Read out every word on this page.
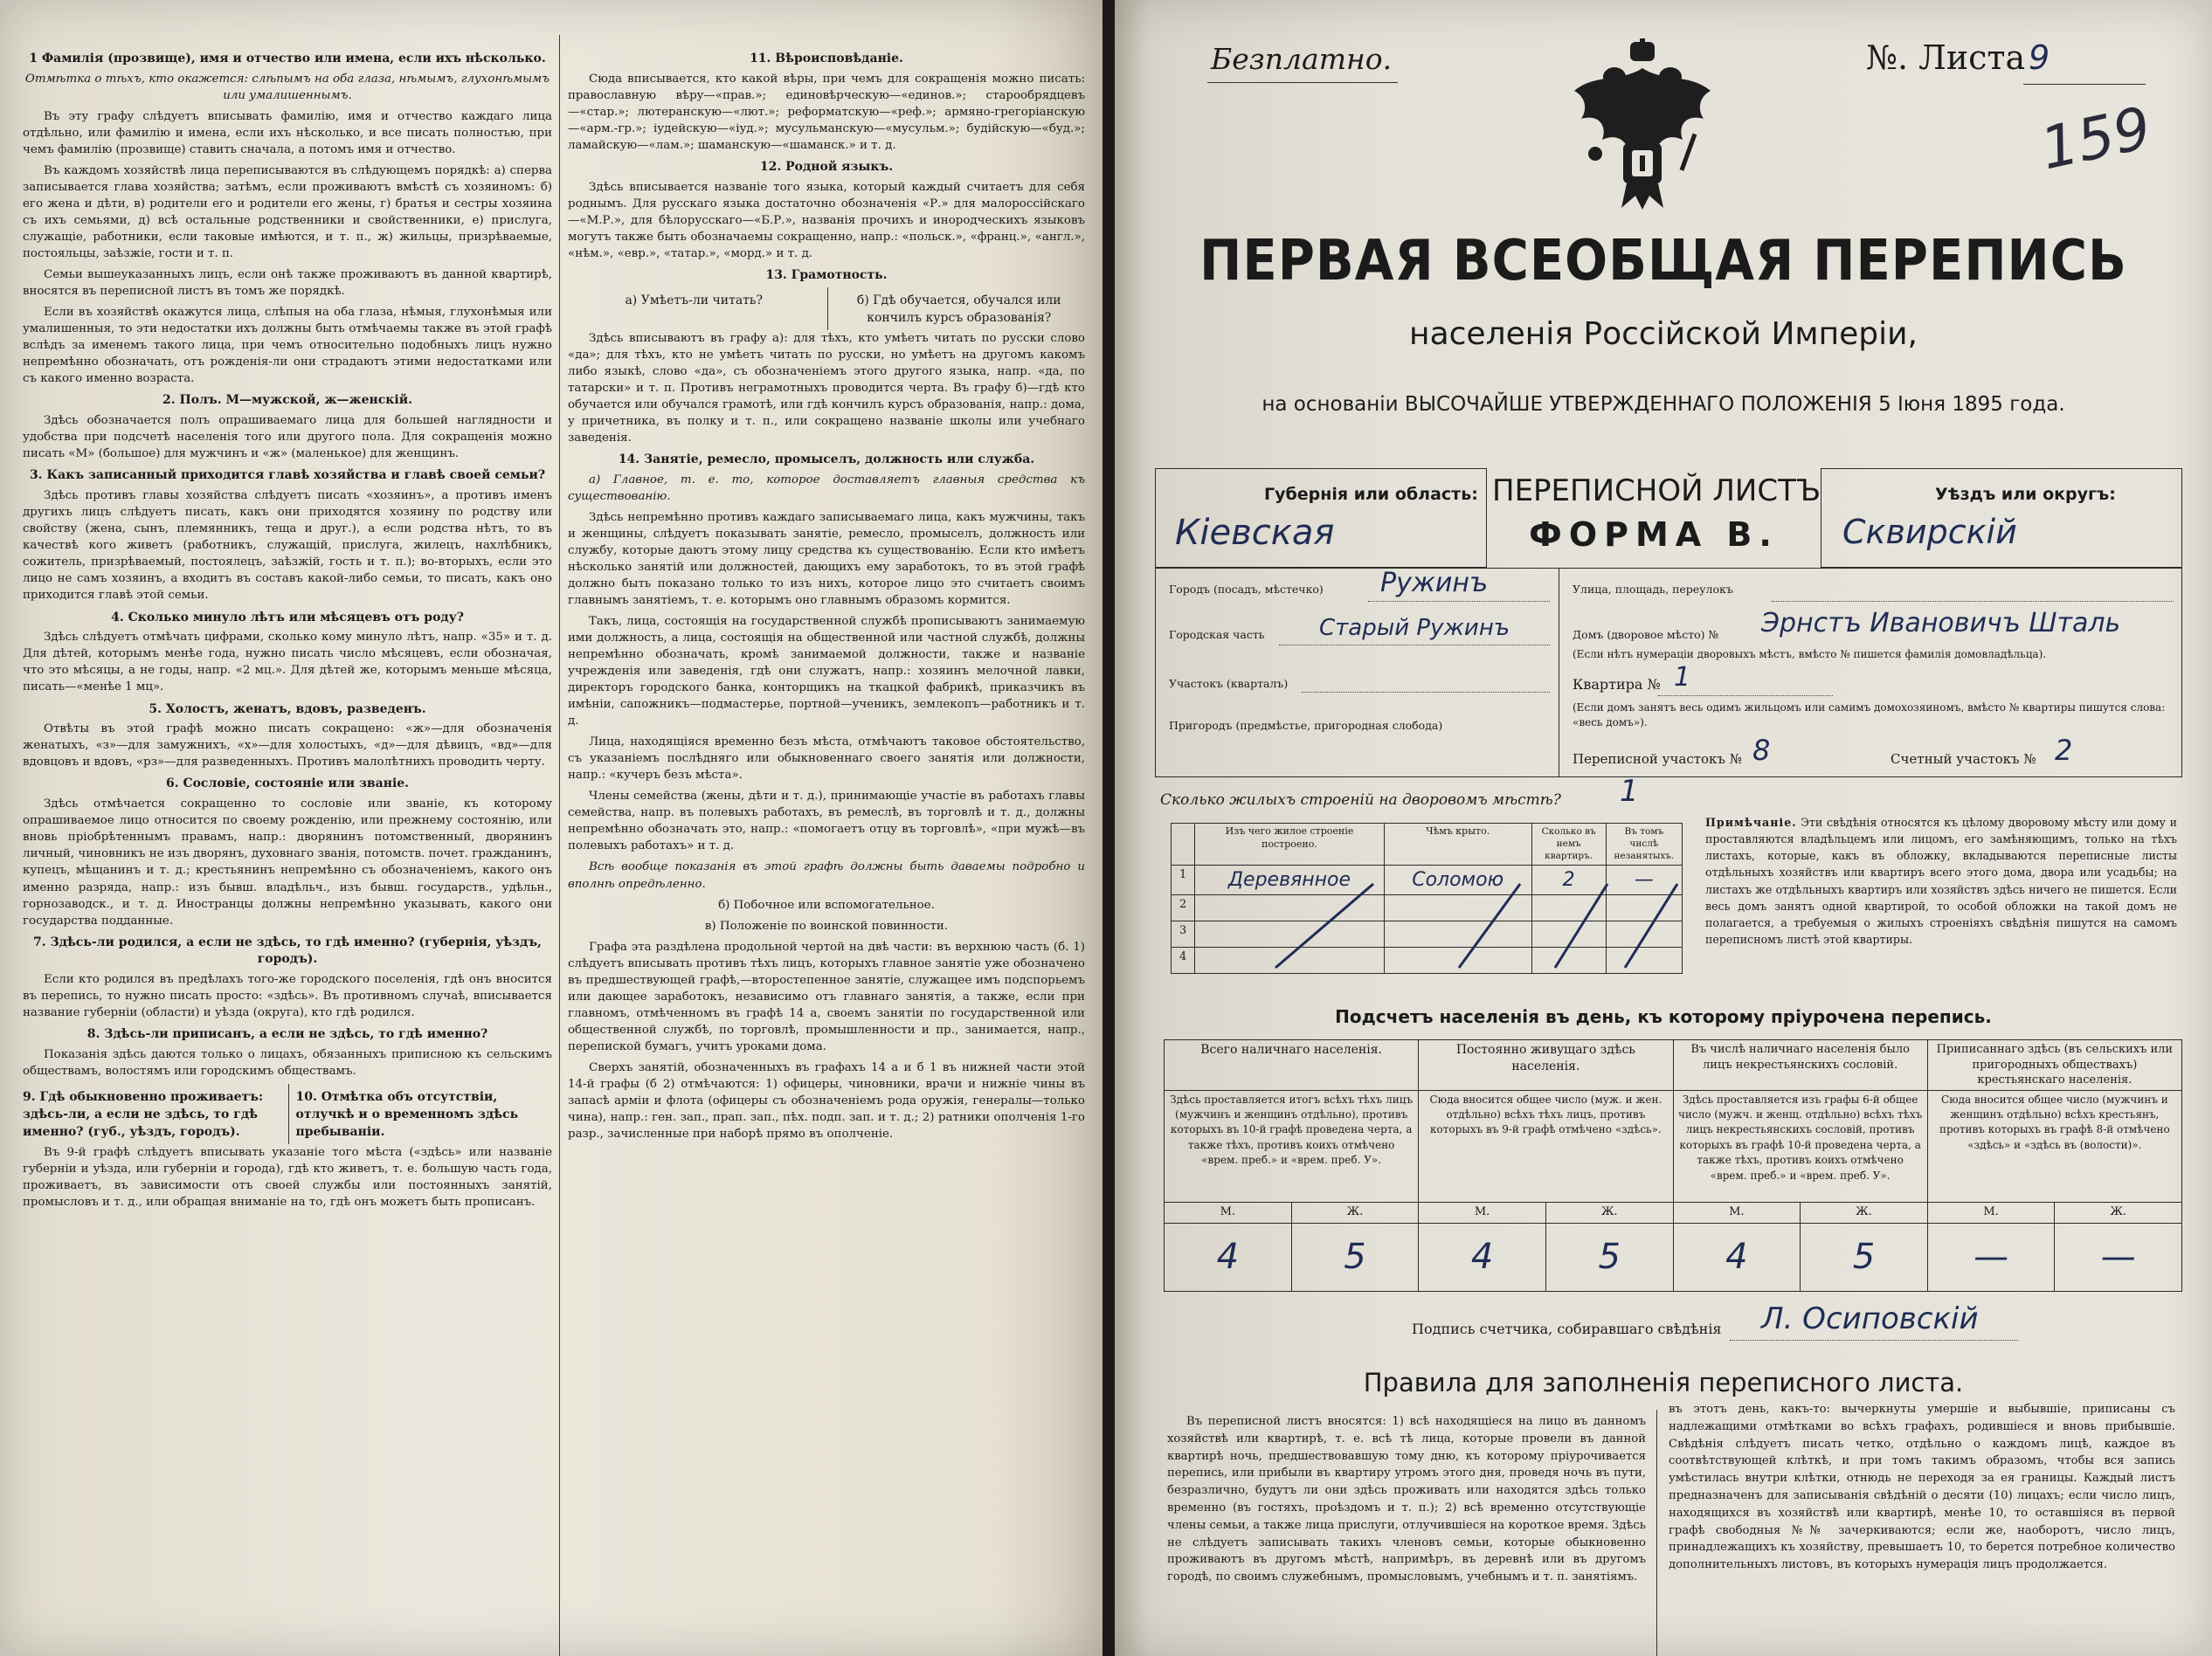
1 Фамилія (прозвище), имя и отчество или имена, если ихъ нѣсколько.

Отмѣтка о тѣхъ, кто окажется: слѣпымъ на оба глаза, нѣмымъ, глухонѣмымъ или умалишеннымъ.

Въ эту графу слѣдуетъ вписывать фамилію, имя и отчество каждаго лица отдѣльно, или фамилію и имена, если ихъ нѣсколько, и все писать полностью, при чемъ фамилію (прозвище) ставить сначала, а потомъ имя и отчество.

Въ каждомъ хозяйствѣ лица переписываются въ слѣдующемъ порядкѣ: а) сперва записывается глава хозяйства; затѣмъ, если проживаютъ вмѣстѣ съ хозяиномъ: б) его жена и дѣти, в) родители его и родители его жены, г) братья и сестры хозяина съ ихъ семьями, д) всѣ остальные родственники и свойственники, е) прислуга, служащіе, работники, если таковые имѣются, и т. п., ж) жильцы, призрѣваемые, постояльцы, заѣзжіе, гости и т. п.

Семьи вышеуказанныхъ лицъ, если онѣ также проживаютъ въ данной квартирѣ, вносятся въ переписной листъ въ томъ же порядкѣ.

Если въ хозяйствѣ окажутся лица, слѣпыя на оба глаза, нѣмыя, глухонѣмыя или умалишенныя, то эти недостатки ихъ должны быть отмѣчаемы также въ этой графѣ вслѣдъ за именемъ такого лица, при чемъ относительно подобныхъ лицъ нужно непремѣнно обозначать, отъ рожденія-ли они страдаютъ этими недостатками или съ какого именно возраста.

2. Полъ. М—мужской, ж—женскій.

Здѣсь обозначается полъ опрашиваемаго лица для большей наглядности и удобства при подсчетѣ населенія того или другого пола. Для сокращенія можно писать «М» (большое) для мужчинъ и «ж» (маленькое) для женщинъ.

3. Какъ записанный приходится главѣ хозяйства и главѣ своей семьи?

Здѣсь противъ главы хозяйства слѣдуетъ писать «хозяинъ», а противъ именъ другихъ лицъ слѣдуетъ писать, какъ они приходятся хозяину по родству или свойству (жена, сынъ, племянникъ, теща и друг.), а если родства нѣтъ, то въ качествѣ кого живетъ (работникъ, служащій, прислуга, жилецъ, нахлѣбникъ, сожитель, призрѣваемый, постоялецъ, заѣзжій, гость и т. п.); во-вторыхъ, если это лицо не самъ хозяинъ, а входитъ въ составъ какой-либо семьи, то писать, какъ оно приходится главѣ этой семьи.

4. Сколько минуло лѣтъ или мѣсяцевъ отъ роду?

Здѣсь слѣдуетъ отмѣчать цифрами, сколько кому минуло лѣтъ, напр. «35» и т. д. Для дѣтей, которымъ менѣе года, нужно писать число мѣсяцевъ, если обозначая, что это мѣсяцы, а не годы, напр. «2 мц.». Для дѣтей же, которымъ меньше мѣсяца, писать—«менѣе 1 мц».

5. Холостъ, женатъ, вдовъ, разведенъ.

Отвѣты въ этой графѣ можно писать сокращено: «ж»—для обозначенія женатыхъ, «з»—для замужнихъ, «х»—для холостыхъ, «д»—для дѣвицъ, «вд»—для вдовцовъ и вдовъ, «рз»—для разведенныхъ. Противъ малолѣтнихъ проводить черту.

6. Сословіе, состояніе или званіе.

Здѣсь отмѣчается сокращенно то сословіе или званіе, къ которому опрашиваемое лицо относится по своему рожденію, или прежнему состоянію, или вновь пріобрѣтеннымъ правамъ, напр.: дворянинъ потомственный, дворянинъ личный, чиновникъ не изъ дворянъ, духовнаго званія, потомств. почет. гражданинъ, купецъ, мѣщанинъ и т. д.; крестьянинъ непремѣнно съ обозначеніемъ, какого онъ именно разряда, напр.: изъ бывш. владѣльч., изъ бывш. государств., удѣльн., горнозаводск., и т. д. Иностранцы должны непремѣнно указывать, какого они государства подданные.

7. Здѣсь-ли родился, а если не здѣсь, то гдѣ именно? (губернія, уѣздъ, городъ).

Если кто родился въ предѣлахъ того-же городского поселенія, гдѣ онъ вносится въ перепись, то нужно писать просто: «здѣсь». Въ противномъ случаѣ, вписывается название губерніи (области) и уѣзда (округа), кто гдѣ родился.

8. Здѣсь-ли приписанъ, а если не здѣсь, то гдѣ именно?

Показанія здѣсь даются только о лицахъ, обязанныхъ приписною къ сельскимъ обществамъ, волостямъ или городскимъ обществамъ.

9. Гдѣ обыкновенно проживаетъ: здѣсь-ли, а если не здѣсь, то гдѣ именно? (губ., уѣздъ, городъ).
10. Отмѣтка объ отсутствіи, отлучкѣ и о временномъ здѣсь пребываніи.

Въ 9-й графѣ слѣдуетъ вписывать указаніе того мѣста («здѣсь» или названіе губерніи и уѣзда, или губерніи и города), гдѣ кто живетъ, т. е. большую часть года, проживаетъ, въ зависимости отъ своей службы или постоянныхъ занятій, промысловъ и т. д., или обращая вниманіе на то, гдѣ онъ можетъ быть прописанъ.

11. Вѣроисповѣданіе.

Сюда вписывается, кто какой вѣры, при чемъ для сокращенія можно писать: православную вѣру—«прав.»; единовѣрческую—«единов.»; старообрядцевъ—«стар.»; лютеранскую—«лют.»; реформатскую—«реф.»; армяно-грегоріанскую—«арм.-гр.»; іудейскую—«іуд.»; мусульманскую—«мусульм.»; будійскую—«буд.»; ламайскую—«лам.»; шаманскую—«шаманск.» и т. д.

12. Родной языкъ.

Здѣсь вписывается названіе того языка, который каждый считаетъ для себя роднымъ. Для русскаго языка достаточно обозначенія «Р.» для малороссійскаго—«М.Р.», для бѣлорусскаго—«Б.Р.», названія прочихъ и инородческихъ языковъ могутъ также быть обозначаемы сокращенно, напр.: «польск.», «франц.», «англ.», «нѣм.», «евр.», «татар.», «морд.» и т. д.

13. Грамотность.
а) Умѣетъ-ли читать?	б) Гдѣ обучается, обучался или кончилъ курсъ образованія?

Здѣсь вписываютъ въ графу а): для тѣхъ, кто умѣетъ читать по русски слово «да»; для тѣхъ, кто не умѣетъ читать по русски, но умѣетъ на другомъ какомъ либо языкѣ, слово «да», съ обозначеніемъ этого другого языка, напр. «да, по татарски» и т. п. Противъ неграмотныхъ проводится черта. Въ графу б)—гдѣ кто обучается или обучался грамотѣ, или гдѣ кончилъ курсъ образованія, напр.: дома, у причетника, въ полку и т. п., или сокращено названіе школы или учебнаго заведенія.

14. Занятіе, ремесло, промыселъ, должность или служба.

а) Главное, т. е. то, которое доставляетъ главныя средства къ существованію.

Здѣсь непремѣнно противъ каждаго записываемаго лица, какъ мужчины, такъ и женщины, слѣдуетъ показывать занятіе, ремесло, промыселъ, должность или службу, которые даютъ этому лицу средства къ существованію. Если кто имѣетъ нѣсколько занятій или должностей, дающихъ ему заработокъ, то въ этой графѣ должно быть показано только то изъ нихъ, которое лицо это считаетъ своимъ главнымъ занятіемъ, т. е. которымъ оно главнымъ образомъ кормится.

Такъ, лица, состоящія на государственной службѣ прописываютъ занимаемую ими должность, а лица, состоящія на общественной или частной службѣ, должны непремѣнно обозначать, кромѣ занимаемой должности, также и названіе учрежденія или заведенія, гдѣ они служатъ, напр.: хозяинъ мелочной лавки, директоръ городского банка, конторщикъ на ткацкой фабрикѣ, приказчикъ въ имѣніи, сапожникъ—подмастерье, портной—ученикъ, землекопъ—работникъ и т. д.

Лица, находящіяся временно безъ мѣста, отмѣчаютъ таковое обстоятельство, съ указаніемъ послѣдняго или обыкновеннаго своего занятія или должности, напр.: «кучеръ безъ мѣста».

Члены семейства (жены, дѣти и т. д.), принимающіе участіе въ работахъ главы семейства, напр. въ полевыхъ работахъ, въ ремеслѣ, въ торговлѣ и т. д., должны непремѣнно обозначать это, напр.: «помогаетъ отцу въ торговлѣ», «при мужѣ—въ полевыхъ работахъ» и т. д.

Всѣ вообще показанія въ этой графѣ должны быть даваемы подробно и вполнѣ опредѣленно.

б) Побочное или вспомогательное.

в) Положеніе по воинской повинности.

Графа эта раздѣлена продольной чертой на двѣ части: въ верхнюю часть (б. 1) слѣдуетъ вписывать противъ тѣхъ лицъ, которыхъ главное занятіе уже обозначено въ предшествующей графѣ,—второстепенное занятіе, служащее имъ подспорьемъ или дающее заработокъ, независимо отъ главнаго занятія, а также, если при главномъ, отмѣченномъ въ графѣ 14 а, своемъ занятіи по государственной или общественной службѣ, по торговлѣ, промышленности и пр., занимается, напр., перепиской бумагъ, учитъ уроками дома.

Сверхъ занятій, обозначенныхъ въ графахъ 14 а и б 1 въ нижней части этой 14-й графы (б 2) отмѣчаются: 1) офицеры, чиновники, врачи и нижніе чины въ запасѣ арміи и флота (офицеры съ обозначеніемъ рода оружія, генералы—только чина), напр.: ген. зап., прап. зап., пѣх. подп. зап. и т. д.; 2) ратники ополченія 1-го разр., зачисленные при наборѣ прямо въ ополченіе.

Безплатно.	№. Листа 9
159
ПЕРВАЯ ВСЕОБЩАЯ ПЕРЕПИСЬ
населенія Россійской Имперіи,
на основаніи ВЫСОЧАЙШЕ УТВЕРЖДЕННАГО ПОЛОЖЕНІЯ 5 Іюня 1895 года.
Губернія или область:
Кіевская
ПЕРЕПИСНОЙ ЛИСТЪ
ФОРМА В.
Уѣздъ или округъ:
Сквирскій
Городъ (посадъ, мѣстечко) Ружинъ
Городская часть Старый Ружинъ
Участокъ (кварталъ)
Пригородъ (предмѣстье, пригородная слобода)
Улица, площадь, переулокъ
Домъ (дворовое мѣсто) № Эрнстъ Ивановичъ Шталь
(Если нѣтъ нумераціи дворовыхъ мѣстъ, вмѣсто № пишется фамилія домовладѣльца).
Квартира № 1
(Если домъ занятъ весь одимъ жильцомъ или самимъ домохозяиномъ, вмѣсто № квартиры пишутся слова: «весь домъ»).
Переписной участокъ № 8	Счетный участокъ № 2
Сколько жилыхъ строеній на дворовомъ мѣстѣ? 1
	Изъ чего жилое строеніе построено.	Чѣмъ крыто.	Сколько въ немъ квартиръ.	Въ томъ числѣ незанятыхъ.
1	Деревянное	Соломою	2	—
2				
3				
4				
Примѣчаніе. Эти свѣдѣнія относятся къ цѣлому дворовому мѣсту или дому и проставляются владѣльцемъ или лицомъ, его замѣняющимъ, только на тѣхъ листахъ, которые, какъ въ обложку, вкладываются переписные листы отдѣльныхъ хозяйствъ или квартиръ всего этого дома, двора или усадьбы; на листахъ же отдѣльныхъ квартиръ или хозяйствъ здѣсь ничего не пишется. Если весь домъ занятъ одной квартирой, то особой обложки на такой домъ не полагается, а требуемыя о жилыхъ строеніяхъ свѣдѣнія пишутся на самомъ переписномъ листѣ этой квартиры.
Подсчетъ населенія въ день, къ которому пріурочена перепись.
Всего наличнаго населенія.		Постоянно живущаго здѣсь населенія.		Въ числѣ наличнаго населенія было лицъ некрестьянскихъ сословій.		Приписаннаго здѣсь (въ сельскихъ или пригородныхъ обществахъ) крестьянскаго населенія.	
Здѣсь проставляется итогъ всѣхъ тѣхъ лицъ (мужчинъ и женщинъ отдѣльно), противъ которыхъ въ 10-й графѣ проведена черта, а также тѣхъ, противъ коихъ отмѣчено «врем. преб.» и «врем. преб. У».		Сюда вносится общее число (муж. и жен. отдѣльно) всѣхъ тѣхъ лицъ, противъ которыхъ въ 9-й графѣ отмѣчено «здѣсь».		Здѣсь проставляется изъ графы 6-й общее число (мужч. и женщ. отдѣльно) всѣхъ тѣхъ лицъ некрестьянскихъ сословій, противъ которыхъ въ графѣ 10-й проведена черта, а также тѣхъ, противъ коихъ отмѣчено «врем. преб.» и «врем. преб. У».		Сюда вносится общее число (мужчинъ и женщинъ отдѣльно) всѣхъ крестьянъ, противъ которыхъ въ графѣ 8-й отмѣчено «здѣсь» и «здѣсь въ (волости)».	
М.	Ж.	М.	Ж.	М.	Ж.	М.	Ж.
4	5	4	5	4	5	—	—
Подпись счетчика, собиравшаго свѣдѣнія Л. Осиповскій
Правила для заполненія переписного листа.
Въ переписной листъ вносятся: 1) всѣ находящіеся на лицо въ данномъ хозяйствѣ или квартирѣ, т. е. всѣ тѣ лица, которые провели въ данной квартирѣ ночь, предшествовавшую тому дню, къ которому пріурочивается перепись, или прибыли въ квартиру утромъ этого дня, проведя ночь въ пути, безразлично, будутъ ли они здѣсь проживать или находятся здѣсь только временно (въ гостяхъ, проѣздомъ и т. п.); 2) всѣ временно отсутствующіе члены семьи, а также лица прислуги, отлучившіеся на короткое время. Здѣсь не слѣдуетъ записывать такихъ членовъ семьи, которые обыкновенно проживаютъ въ другомъ мѣстѣ, напримѣръ, въ деревнѣ или въ другомъ городѣ, по своимъ служебнымъ, промысловымъ, учебнымъ и т. п. занятіямъ.
въ этотъ день, какъ-то: вычеркнуты умершіе и выбывшіе, приписаны съ надлежащими отмѣтками во всѣхъ графахъ, родившіеся и вновь прибывшіе. Свѣдѣнія слѣдуетъ писать четко, отдѣльно о каждомъ лицѣ, каждое въ соотвѣтствующей клѣткѣ, и при томъ такимъ образомъ, чтобы вся запись умѣстилась внутри клѣтки, отнюдь не переходя за ея границы. Каждый листъ предназначенъ для записыванія свѣдѣній о десяти (10) лицахъ; если число лицъ, находящихся въ хозяйствѣ или квартирѣ, менѣе 10, то оставшіяся въ первой графѣ свободныя №№ зачеркиваются; если же, наоборотъ, число лицъ, принадлежащихъ къ хозяйству, превышаетъ 10, то берется потребное количество дополнительныхъ листовъ, въ которыхъ нумерація лицъ продолжается.
